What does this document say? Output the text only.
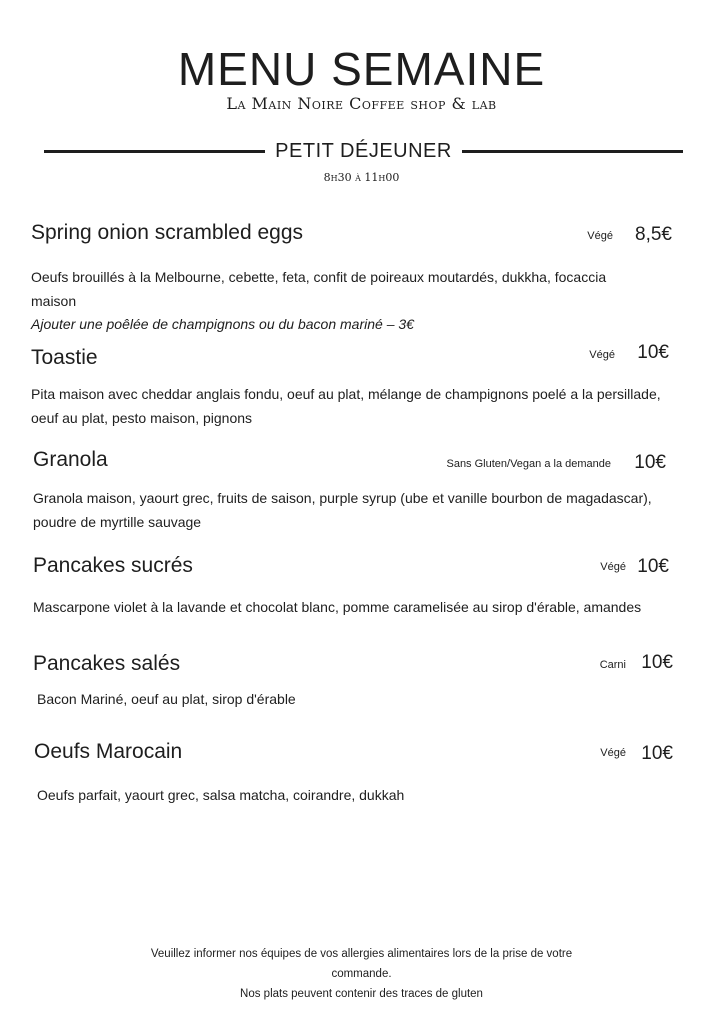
MENU SEMAINE
La Main Noire Coffee shop & lab
PETIT DÉJEUNER
8h30 à 11h00
Spring onion scrambled eggs	Végé 8,5€
Oeufs brouillés à la Melbourne, cebette, feta, confit de poireaux moutardés, dukkha, focaccia maison
Ajouter une poêlée de champignons ou du bacon mariné – 3€
Toastie	Végé 10€
Pita maison avec cheddar anglais fondu, oeuf au plat, mélange de champignons poelé a la persillade, oeuf au plat, pesto maison, pignons
Granola	Sans Gluten/Vegan a la demande 10€
Granola maison, yaourt grec, fruits de saison, purple syrup (ube et vanille bourbon de magadascar), poudre de myrtille sauvage
Pancakes sucrés	Végé 10€
Mascarpone violet à la lavande et chocolat blanc, pomme caramelisée au sirop d'érable, amandes
Pancakes salés	Carni 10€
Bacon Mariné, oeuf au plat, sirop d'érable
Oeufs Marocain	Végé 10€
Oeufs parfait, yaourt grec, salsa matcha, coirandre, dukkah
Veuillez informer nos équipes de vos allergies alimentaires lors de la prise de votre
commande.
Nos plats peuvent contenir des traces de gluten
